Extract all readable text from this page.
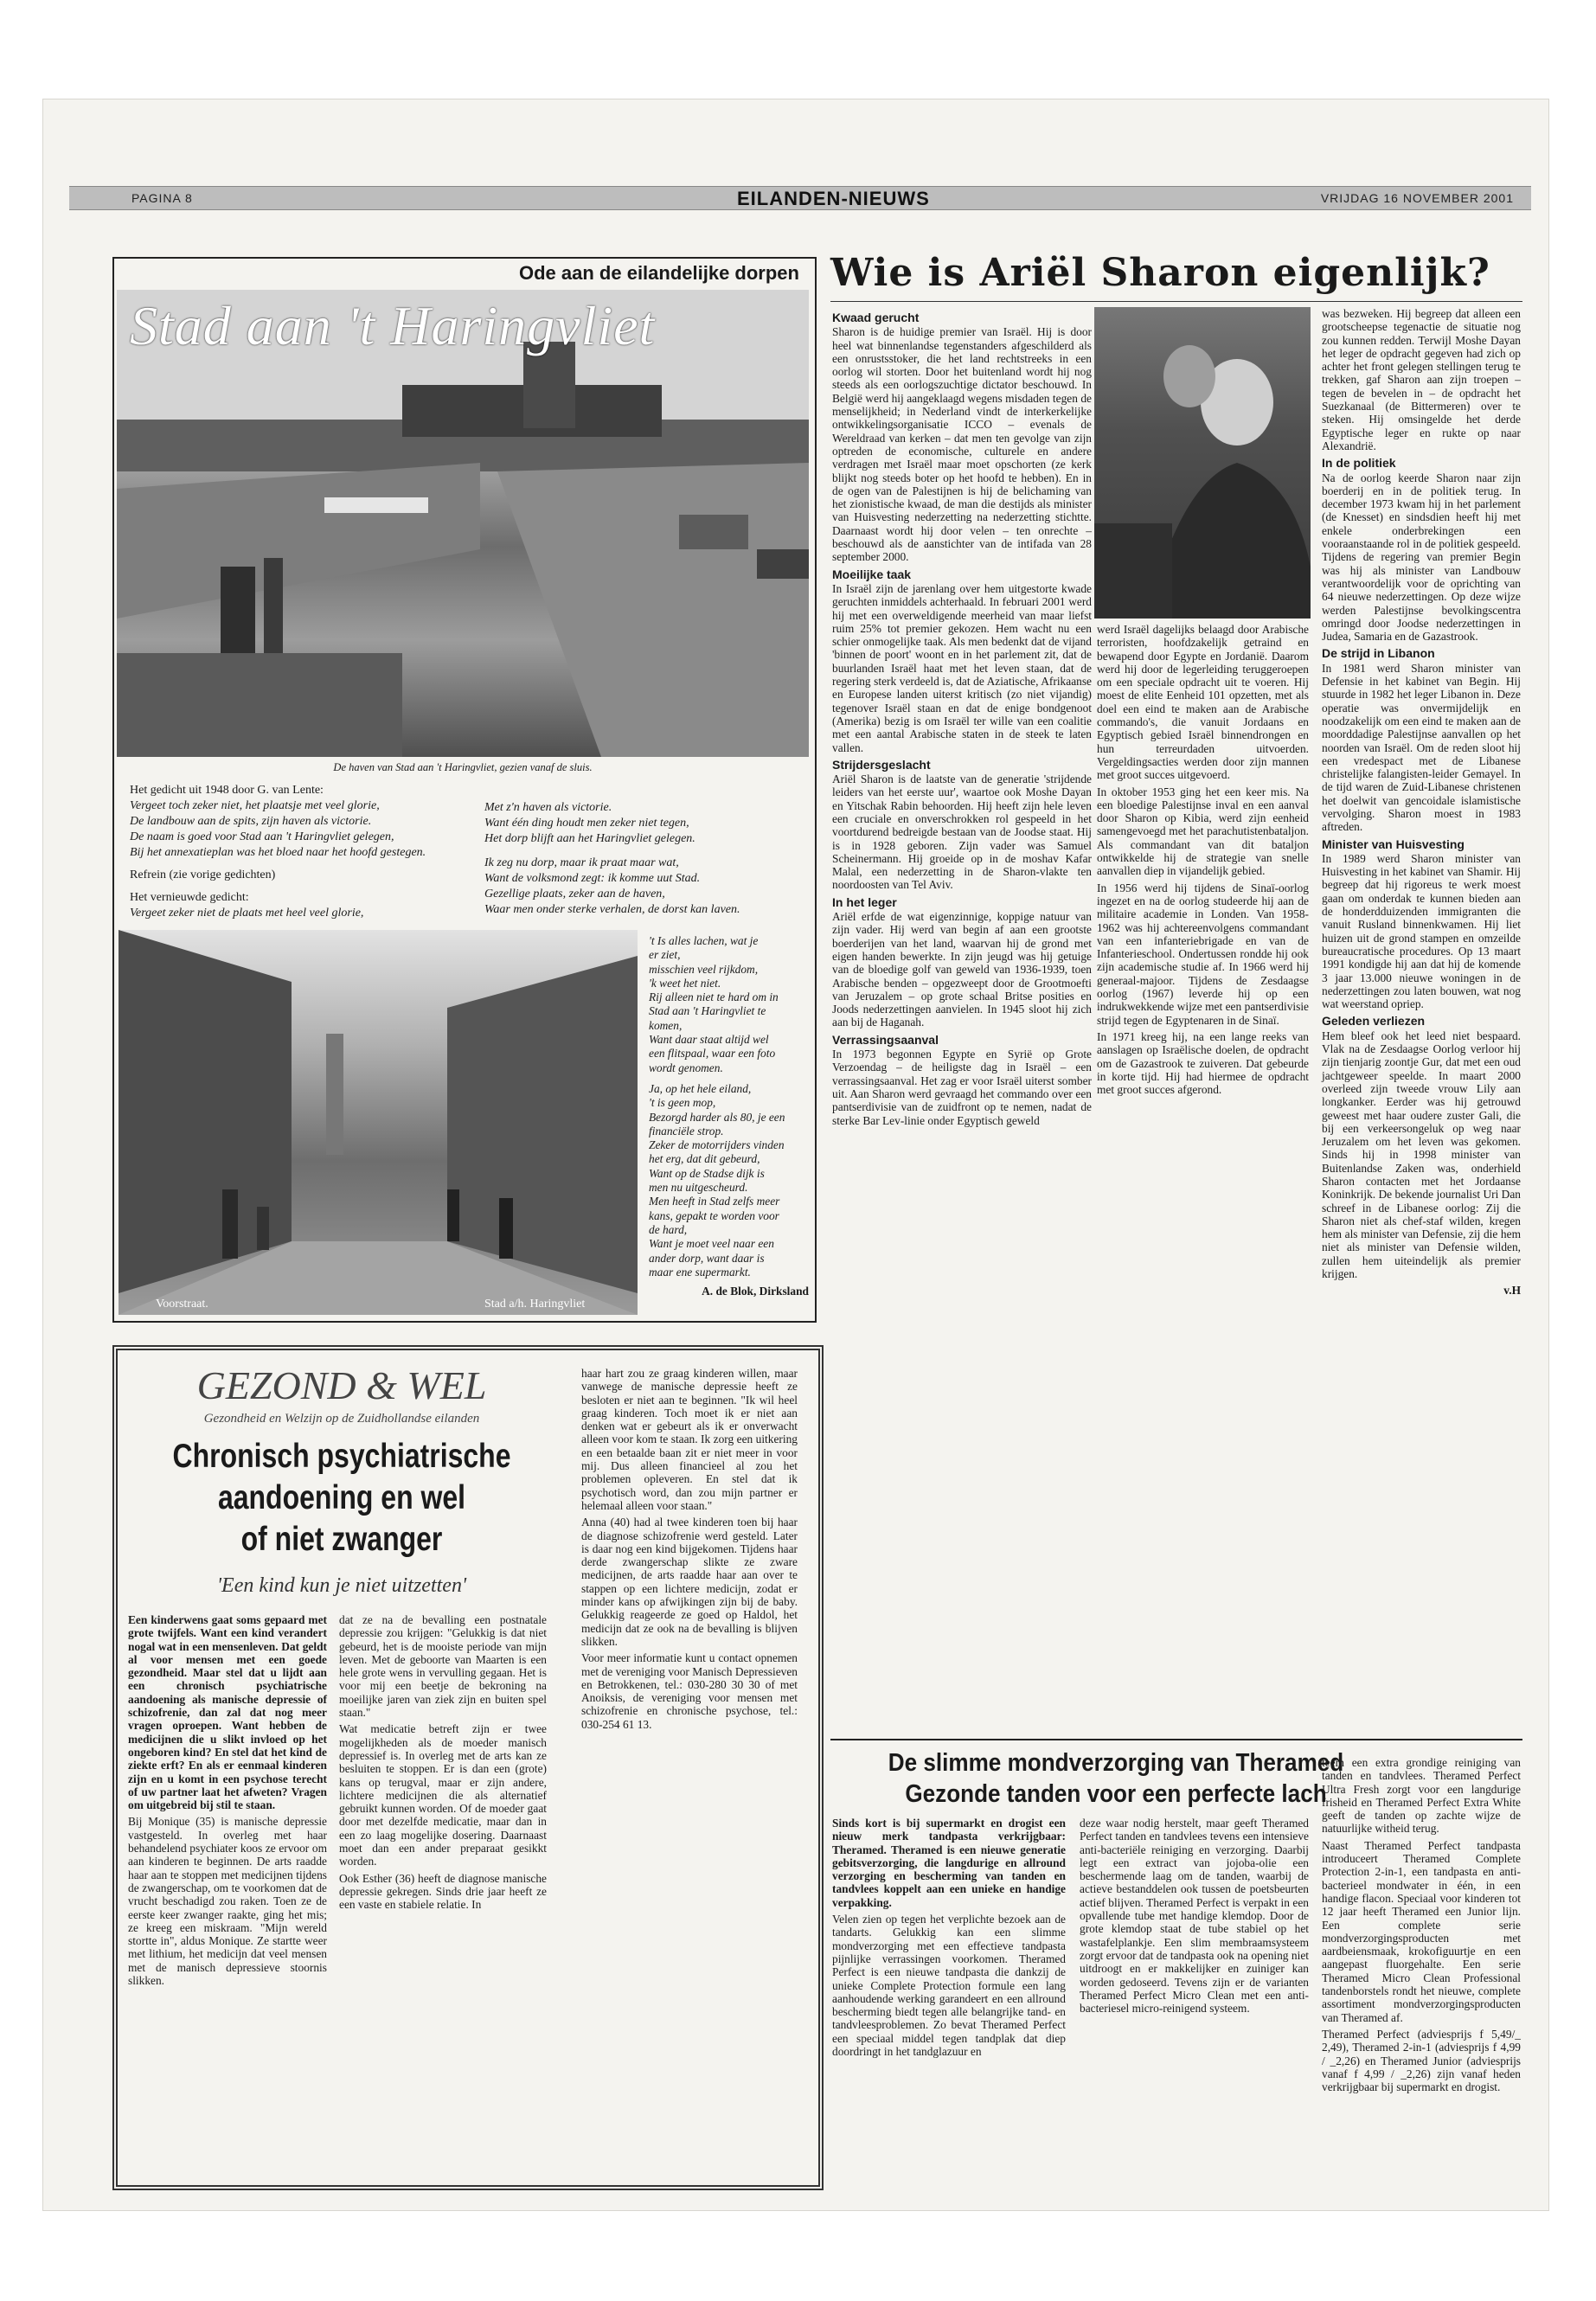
PAGINA 8	EILANDEN-NIEUWS	VRIJDAG 16 NOVEMBER 2001
Ode aan de eilandelijke dorpen
Stad aan 't Haringvliet
De haven van Stad aan 't Haringvliet, gezien vanaf de sluis.
Het gedicht uit 1948 door G. van Lente:
Vergeet toch zeker niet, het plaatsje met veel glorie,
De landbouw aan de spits, zijn haven als victorie.
De naam is goed voor Stad aan 't Haringvliet gelegen,
Bij het annexatieplan was het bloed naar het hoofd gestegen.
Refrein (zie vorige gedichten)
Het vernieuwde gedicht:
Vergeet zeker niet de plaats met heel veel glorie,
Met z'n haven als victorie.
Want één ding houdt men zeker niet tegen,
Het dorp blijft aan het Haringvliet gelegen.
Ik zeg nu dorp, maar ik praat maar wat,
Want de volksmond zegt: ik komme uut Stad.
Gezellige plaats, zeker aan de haven,
Waar men onder sterke verhalen, de dorst kan laven.
Voorstraat.	Stad a/h. Haringvliet
't Is alles lachen, wat je
er ziet,
misschien veel rijkdom,
'k weet het niet.
Rij alleen niet te hard om in
Stad aan 't Haringvliet te
komen,
Want daar staat altijd wel
een flitspaal, waar een foto
wordt genomen.
Ja, op het hele eiland,
't is geen mop,
Bezorgd harder als 80, je een
financiële strop.
Zeker de motorrijders vinden
het erg, dat dit gebeurd,
Want op de Stadse dijk is
men nu uitgescheurd.
Men heeft in Stad zelfs meer
kans, gepakt te worden voor
de hard,
Want je moet veel naar een
ander dorp, want daar is
maar ene supermarkt.
A. de Blok, Dirksland
GEZOND & WEL
Gezondheid en Welzijn op de Zuidhollandse eilanden
Chronisch psychiatrische
aandoening en wel
of niet zwanger
'Een kind kun je niet uitzetten'

Een kinderwens gaat soms gepaard met grote twijfels. Want een kind verandert nogal wat in een mensenleven. Dat geldt al voor mensen met een goede gezondheid. Maar stel dat u lijdt aan een chronisch psychiatrische aandoening als manische depressie of schizofrenie, dan zal dat nog meer vragen oproepen. Want hebben de medicijnen die u slikt invloed op het ongeboren kind? En stel dat het kind de ziekte erft? En als er eenmaal kinderen zijn en u komt in een psychose terecht of uw partner laat het afweten? Vragen om uitgebreid bij stil te staan.

Bij Monique (35) is manische depressie vastgesteld. In overleg met haar behandelend psychiater koos ze ervoor om aan kinderen te beginnen. De arts raadde haar aan te stoppen met medicijnen tijdens de zwangerschap, om te voorkomen dat de vrucht beschadigd zou raken. Toen ze de eerste keer zwanger raakte, ging het mis; ze kreeg een miskraam. "Mijn wereld stortte in", aldus Monique. Ze startte weer met lithium, het medicijn dat veel mensen met de manisch depressieve stoornis slikken.

dat ze na de bevalling een postnatale depressie zou krijgen: "Gelukkig is dat niet gebeurd, het is de mooiste periode van mijn leven. Met de geboorte van Maarten is een hele grote wens in vervulling gegaan. Het is voor mij een beetje de bekroning na moeilijke jaren van ziek zijn en buiten spel staan."

Wat medicatie betreft zijn er twee mogelijkheden als de moeder manisch depressief is. In overleg met de arts kan ze besluiten te stoppen. Er is dan een (grote) kans op terugval, maar er zijn andere, lichtere medicijnen die als alternatief gebruikt kunnen worden. Of de moeder gaat door met dezelfde medicatie, maar dan in een zo laag mogelijke dosering. Daarnaast moet dan een ander preparaat gesikkt worden.

Ook Esther (36) heeft de diagnose manische depressie gekregen. Sinds drie jaar heeft ze een vaste en stabiele relatie. In

haar hart zou ze graag kinderen willen, maar vanwege de manische depressie heeft ze besloten er niet aan te beginnen. "Ik wil heel graag kinderen. Toch moet ik er niet aan denken wat er gebeurt als ik er onverwacht alleen voor kom te staan. Ik zorg een uitkering en een betaalde baan zit er niet meer in voor mij. Dus alleen financieel al zou het problemen opleveren. En stel dat ik psychotisch word, dan zou mijn partner er helemaal alleen voor staan."

Anna (40) had al twee kinderen toen bij haar de diagnose schizofrenie werd gesteld. Later is daar nog een kind bijgekomen. Tijdens haar derde zwangerschap slikte ze zware medicijnen, de arts raadde haar aan over te stappen op een lichtere medicijn, zodat er minder kans op afwijkingen zijn bij de baby. Gelukkig reageerde ze goed op Haldol, het medicijn dat ze ook na de bevalling is blijven slikken.

Voor meer informatie kunt u contact opnemen met de vereniging voor Manisch Depressieven en Betrokkenen, tel.: 030-280 30 30 of met Anoiksis, de vereniging voor mensen met schizofrenie en chronische psychose, tel.: 030-254 61 13.

Wie is Ariël Sharon eigenlijk?
Kwaad gerucht

Sharon is de huidige premier van Israël. Hij is door heel wat binnenlandse tegenstanders afgeschilderd als een onrustsstoker, die het land rechtstreeks in een oorlog wil storten. Door het buitenland wordt hij nog steeds als een oorlogszuchtige dictator beschouwd. In België werd hij aangeklaagd wegens misdaden tegen de menselijkheid; in Nederland vindt de interkerkelijke ontwikkelingsorganisatie ICCO – evenals de Wereldraad van kerken – dat men ten gevolge van zijn optreden de economische, culturele en andere verdragen met Israël maar moet opschorten (ze kerk blijkt nog steeds boter op het hoofd te hebben). En in de ogen van de Palestijnen is hij de belichaming van het zionistische kwaad, de man die destijds als minister van Huisvesting nederzetting na nederzetting stichtte. Daarnaast wordt hij door velen – ten onrechte – beschouwd als de aanstichter van de intifada van 28 september 2000.

Moeilijke taak

In Israël zijn de jarenlang over hem uitgestorte kwade geruchten inmiddels achterhaald. In februari 2001 werd hij met een overweldigende meerheid van maar liefst ruim 25% tot premier gekozen. Hem wacht nu een schier onmogelijke taak. Als men bedenkt dat de vijand 'binnen de poort' woont en in het parlement zit, dat de buurlanden Israël haat met het leven staan, dat de regering sterk verdeeld is, dat de Aziatische, Afrikaanse en Europese landen uiterst kritisch (zo niet vijandig) tegenover Israël staan en dat de enige bondgenoot (Amerika) bezig is om Israël ter wille van een coalitie met een aantal Arabische staten in de steek te laten vallen.

Strijdersgeslacht

Ariël Sharon is de laatste van de generatie 'strijdende leiders van het eerste uur', waartoe ook Moshe Dayan en Yitschak Rabin behoorden. Hij heeft zijn hele leven een cruciale en onverschrokken rol gespeeld in het voortdurend bedreigde bestaan van de Joodse staat. Hij is in 1928 geboren. Zijn vader was Samuel Scheinermann. Hij groeide op in de moshav Kafar Malal, een nederzetting in de Sharon-vlakte ten noordoosten van Tel Aviv.

In het leger

Ariël erfde de wat eigenzinnige, koppige natuur van zijn vader. Hij werd van begin af aan een grootste boerderijen van het land, waarvan hij de grond met eigen handen bewerkte. In zijn jeugd was hij getuige van de bloedige golf van geweld van 1936-1939, toen Arabische benden – opgezweept door de Grootmoefti van Jeruzalem – op grote schaal Britse posities en Joods nederzettingen aanvielen. In 1945 sloot hij zich aan bij de Haganah.

Verrassingsaanval

In 1973 begonnen Egypte en Syrië op Grote Verzoendag – de heiligste dag in Israël – een verrassingsaanval. Het zag er voor Israël uiterst somber uit. Aan Sharon werd gevraagd het commando over een pantserdivisie van de zuidfront op te nemen, nadat de sterke Bar Lev-linie onder Egyptisch geweld

werd Israël dagelijks belaagd door Arabische terroristen, hoofdzakelijk getraind en bewapend door Egypte en Jordanië. Daarom werd hij door de legerleiding teruggeroepen om een speciale opdracht uit te voeren. Hij moest de elite Eenheid 101 opzetten, met als doel een eind te maken aan de Arabische commando's, die vanuit Jordaans en Egyptisch gebied Israël binnendrongen en hun terreurdaden uitvoerden. Vergeldingsacties werden door zijn mannen met groot succes uitgevoerd.

In oktober 1953 ging het een keer mis. Na een bloedige Palestijnse inval en een aanval door Sharon op Kibia, werd zijn eenheid samengevoegd met het parachutistenbataljon. Als commandant van dit bataljon ontwikkelde hij de strategie van snelle aanvallen diep in vijandelijk gebied.

In 1956 werd hij tijdens de Sinaï-oorlog ingezet en na de oorlog studeerde hij aan de militaire academie in Londen. Van 1958-1962 was hij achtereenvolgens commandant van een infanteriebrigade en van de Infanterieschool. Ondertussen rondde hij ook zijn academische studie af. In 1966 werd hij generaal-majoor. Tijdens de Zesdaagse oorlog (1967) leverde hij op een indrukwekkende wijze met een pantserdivisie strijd tegen de Egyptenaren in de Sinaï.

In 1971 kreeg hij, na een lange reeks van aanslagen op Israëlische doelen, de opdracht om de Gazastrook te zuiveren. Dat gebeurde in korte tijd. Hij had hiermee de opdracht met groot succes afgerond.

was bezweken. Hij begreep dat alleen een grootscheepse tegenactie de situatie nog zou kunnen redden. Terwijl Moshe Dayan het leger de opdracht gegeven had zich op achter het front gelegen stellingen terug te trekken, gaf Sharon aan zijn troepen – tegen de bevelen in – de opdracht het Suezkanaal (de Bittermeren) over te steken. Hij omsingelde het derde Egyptische leger en rukte op naar Alexandrië.

In de politiek

Na de oorlog keerde Sharon naar zijn boerderij en in de politiek terug. In december 1973 kwam hij in het parlement (de Knesset) en sindsdien heeft hij met enkele onderbrekingen een vooraanstaande rol in de politiek gespeeld. Tijdens de regering van premier Begin was hij als minister van Landbouw verantwoordelijk voor de oprichting van 64 nieuwe nederzettingen. Op deze wijze werden Palestijnse bevolkingscentra omringd door Joodse nederzettingen in Judea, Samaria en de Gazastrook.

De strijd in Libanon

In 1981 werd Sharon minister van Defensie in het kabinet van Begin. Hij stuurde in 1982 het leger Libanon in. Deze operatie was onvermijdelijk en noodzakelijk om een eind te maken aan de moorddadige Palestijnse aanvallen op het noorden van Israël. Om de reden sloot hij een vredespact met de Libanese christelijke falangisten-leider Gemayel. In de tijd waren de Zuid-Libanese christenen het doelwit van gencoidale islamistische vervolging. Sharon moest in 1983 aftreden.

Minister van Huisvesting

In 1989 werd Sharon minister van Huisvesting in het kabinet van Shamir. Hij begreep dat hij rigoreus te werk moest gaan om onderdak te kunnen bieden aan de honderdduizenden immigranten die vanuit Rusland binnenkwamen. Hij liet huizen uit de grond stampen en omzeilde bureaucratische procedures. Op 13 maart 1991 kondigde hij aan dat hij de komende 3 jaar 13.000 nieuwe woningen in de nederzettingen zou laten bouwen, wat nog wat weerstand opriep.

Geleden verliezen

Hem bleef ook het leed niet bespaard. Vlak na de Zesdaagse Oorlog verloor hij zijn tienjarig zoontje Gur, dat met een oud jachtgeweer speelde. In maart 2000 overleed zijn tweede vrouw Lily aan longkanker. Eerder was hij getrouwd geweest met haar oudere zuster Gali, die bij een verkeersongeluk op weg naar Jeruzalem om het leven was gekomen. Sinds hij in 1998 minister van Buitenlandse Zaken was, onderhield Sharon contacten met het Jordaanse Koninkrijk. De bekende journalist Uri Dan schreef in de Libanese oorlog: Zij die Sharon niet als chef-staf wilden, kregen hem als minister van Defensie, zij die hem niet als minister van Defensie wilden, zullen hem uiteindelijk als premier krijgen.

v.H
De slimme mondverzorging van Theramed
Gezonde tanden voor een perfecte lach

Sinds kort is bij supermarkt en drogist een nieuw merk tandpasta verkrijgbaar: Theramed. Theramed is een nieuwe generatie gebitsverzorging, die langdurige en allround verzorging en bescherming van tanden en tandvlees koppelt aan een unieke en handige verpakking.

Velen zien op tegen het verplichte bezoek aan de tandarts. Gelukkig kan een slimme mondverzorging met een effectieve tandpasta pijnlijke verrassingen voorkomen. Theramed Perfect is een nieuwe tandpasta die dankzij de unieke Complete Protection formule een lang aanhoudende werking garandeert en een allround bescherming biedt tegen alle belangrijke tand- en tandvleesproblemen. Zo bevat Theramed Perfect een speciaal middel tegen tandplak dat diep doordringt in het tandglazuur en

deze waar nodig herstelt, maar geeft Theramed Perfect tanden en tandvlees tevens een intensieve anti-bacteriële reiniging en verzorging. Daarbij legt een extract van jojoba-olie een beschermende laag om de tanden, waarbij de actieve bestanddelen ook tussen de poetsbeurten actief blijven. Theramed Perfect is verpakt in een opvallende tube met handige klemdop. Door de grote klemdop staat de tube stabiel op het wastafelplankje. Een slim membraamsysteem zorgt ervoor dat de tandpasta ook na opening niet uitdroogt en er makkelijker en zuiniger kan worden gedoseerd. Tevens zijn er de varianten Theramed Perfect Micro Clean met een anti-bacteriesel micro-reinigend systeem.

teem een extra grondige reiniging van tanden en tandvlees. Theramed Perfect Ultra Fresh zorgt voor een langdurige frisheid en Theramed Perfect Extra White geeft de tanden op zachte wijze de natuurlijke witheid terug.

Naast Theramed Perfect tandpasta introduceert Theramed Complete Protection 2-in-1, een tandpasta en anti-bacterieel mondwater in één, in een handige flacon. Speciaal voor kinderen tot 12 jaar heeft Theramed een Junior lijn. Een complete serie mondverzorgingsproducten met aardbeiensmaak, krokofiguurtje en een aangepast fluorgehalte. Een serie Theramed Micro Clean Professional tandenborstels rondt het nieuwe, complete assortiment mondverzorgingsproducten van Theramed af.

Theramed Perfect (adviesprijs f 5,49/_ 2,49), Theramed 2-in-1 (adviesprijs f 4,99 / _2,26) en Theramed Junior (adviesprijs vanaf f 4,99 / _2,26) zijn vanaf heden verkrijgbaar bij supermarkt en drogist.
